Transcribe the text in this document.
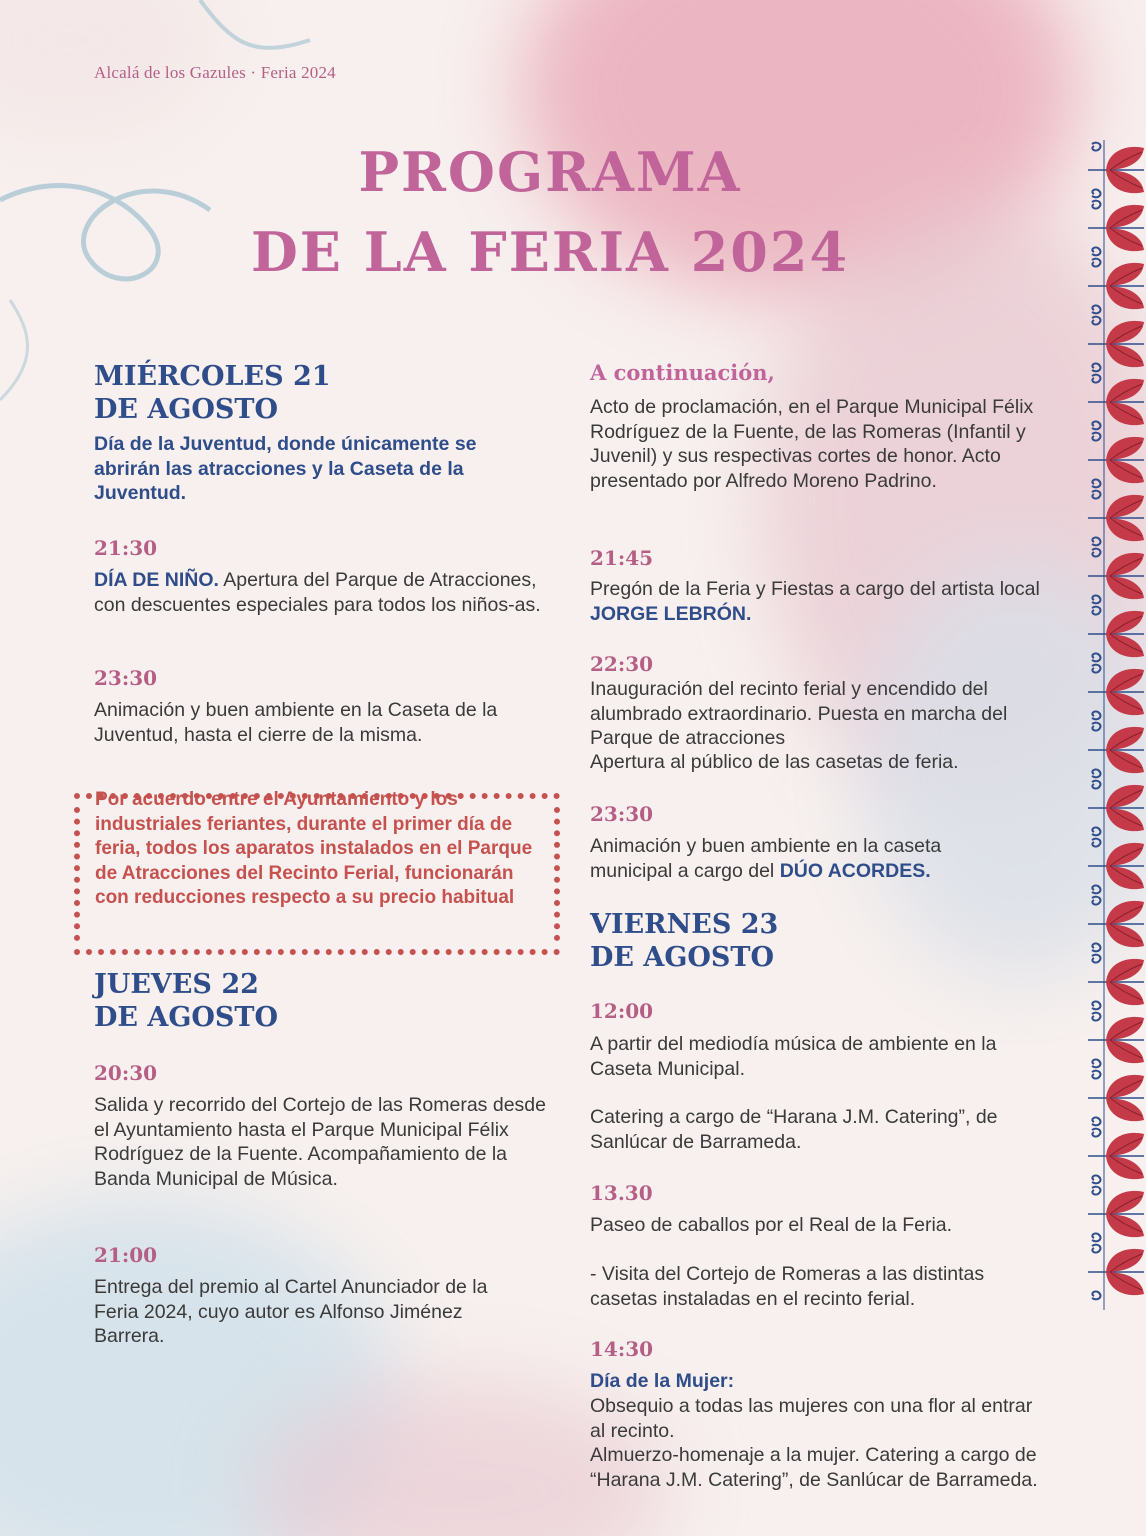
Alcalá de los Gazules · Feria 2024
PROGRAMA
DE LA FERIA 2024
MIÉRCOLES 21
DE AGOSTO
Día de la Juventud, donde únicamente se abrirán las atracciones y la Caseta de la Juventud.
21:30
DÍA DE NIÑO. Apertura del Parque de Atracciones, con descuentes especiales para todos los niños-as.
23:30
Animación y buen ambiente en la Caseta de la Juventud, hasta el cierre de la misma.
Por acuerdo entre el Ayuntamiento y los industriales feriantes, durante el primer día de feria, todos los aparatos instalados en el Parque de Atracciones del Recinto Ferial, funcionarán con reducciones respecto a su precio habitual
JUEVES 22
DE AGOSTO
20:30
Salida y recorrido del Cortejo de las Romeras desde el Ayuntamiento hasta el Parque Municipal Félix Rodríguez de la Fuente. Acompañamiento de la Banda Municipal de Música.
21:00
Entrega del premio al Cartel Anunciador de la Feria 2024, cuyo autor es Alfonso Jiménez Barrera.
A continuación,
Acto de proclamación, en el Parque Municipal Félix Rodríguez de la Fuente, de las Romeras (Infantil y Juvenil) y sus respectivas cortes de honor. Acto presentado por Alfredo Moreno Padrino.
21:45
Pregón de la Feria y Fiestas a cargo del artista local JORGE LEBRÓN.
22:30
Inauguración del recinto ferial y encendido del alumbrado extraordinario. Puesta en marcha del Parque de atracciones
Apertura al público de las casetas de feria.
23:30
Animación y buen ambiente en la caseta municipal a cargo del DÚO ACORDES.
VIERNES 23
DE AGOSTO
12:00
A partir del mediodía música de ambiente en la Caseta Municipal.
Catering a cargo de “Harana J.M. Catering”, de Sanlúcar de Barrameda.
13.30
Paseo de caballos por el Real de la Feria.
- Visita del Cortejo de Romeras a las distintas casetas instaladas en el recinto ferial.
14:30
Día de la Mujer:
Obsequio a todas las mujeres con una flor al entrar al recinto.
Almuerzo-homenaje a la mujer. Catering a cargo de “Harana J.M. Catering”, de Sanlúcar de Barrameda.
